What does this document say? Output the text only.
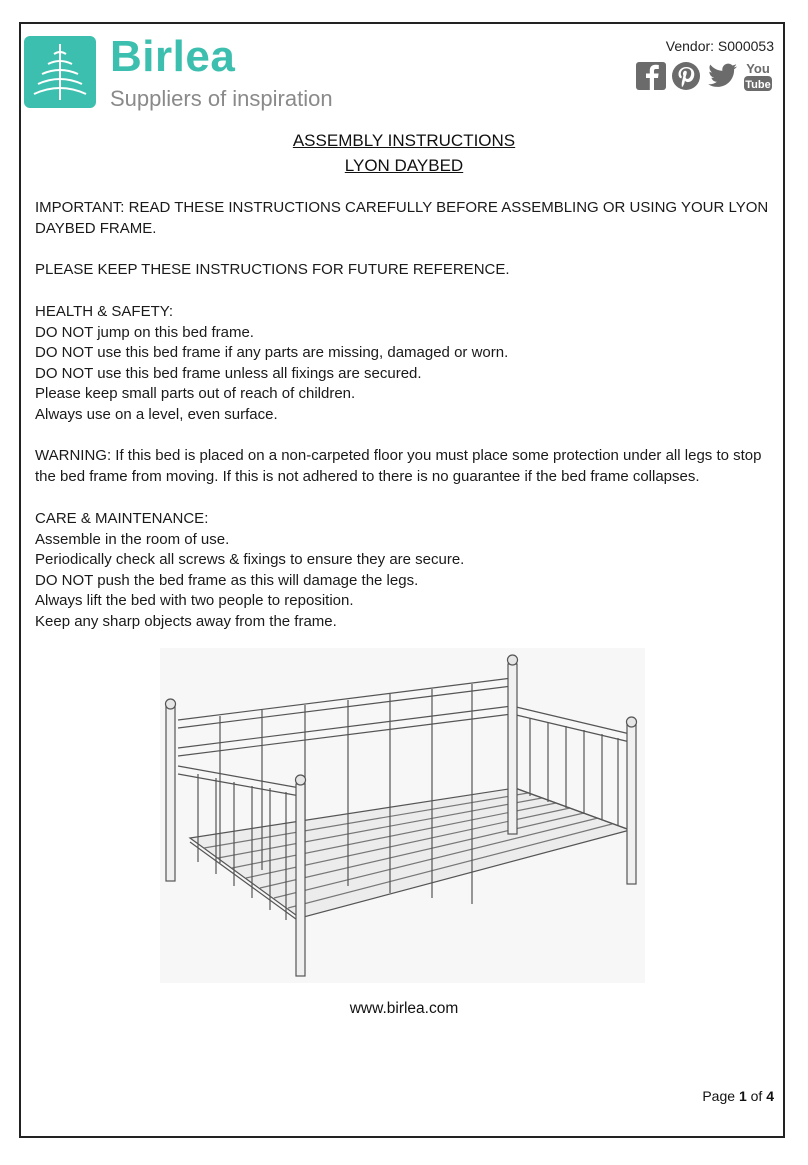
Birlea
Suppliers of inspiration
Vendor: S000053
You
Tube
ASSEMBLY INSTRUCTIONS
LYON DAYBED

IMPORTANT: READ THESE INSTRUCTIONS CAREFULLY BEFORE ASSEMBLING OR USING YOUR LYON DAYBED FRAME.

PLEASE KEEP THESE INSTRUCTIONS FOR FUTURE REFERENCE.

HEALTH & SAFETY:

DO NOT jump on this bed frame.

DO NOT use this bed frame if any parts are missing, damaged or worn.

DO NOT use this bed frame unless all fixings are secured.

Please keep small parts out of reach of children.

Always use on a level, even surface.

WARNING: If this bed is placed on a non-carpeted floor you must place some protection under all legs to stop the bed frame from moving. If this is not adhered to there is no guarantee if the bed frame collapses.

CARE & MAINTENANCE:

Assemble in the room of use.

Periodically check all screws & fixings to ensure they are secure.

DO NOT push the bed frame as this will damage the legs.

Always lift the bed with two people to reposition.

Keep any sharp objects away from the frame.

www.birlea.com
Page 1 of 4
